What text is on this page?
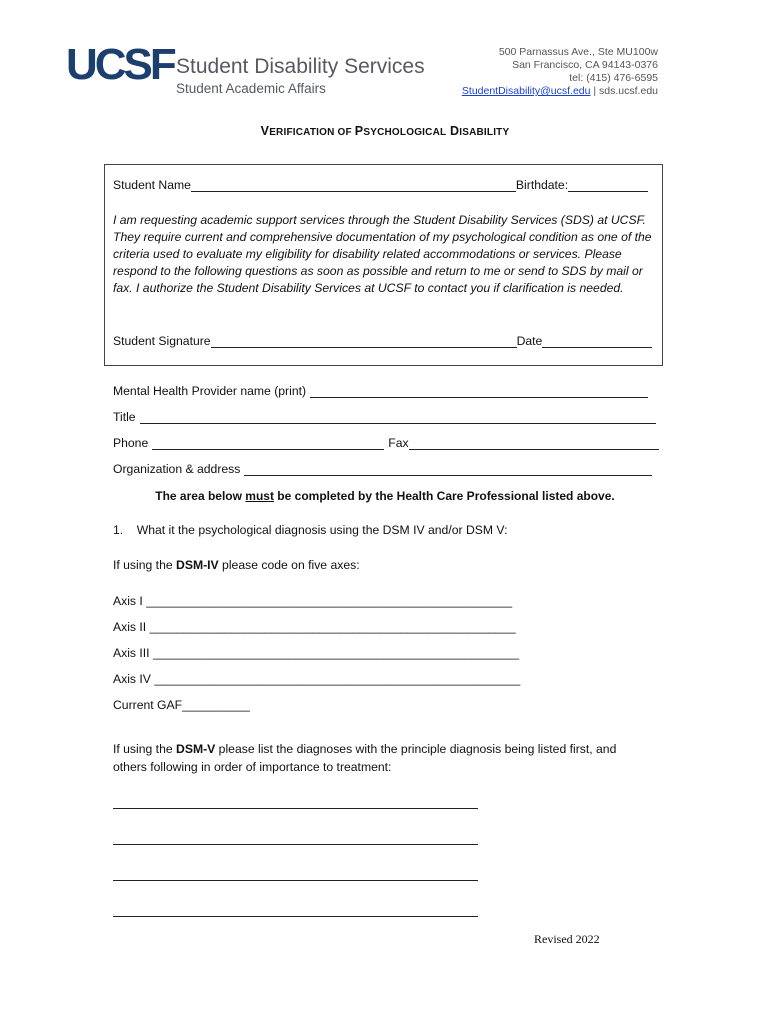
UCSF Student Disability Services
Student Academic Affairs
500 Parnassus Ave., Ste MU100w
San Francisco, CA 94143-0376
tel: (415) 476-6595
StudentDisability@ucsf.edu | sds.ucsf.edu
VERIFICATION OF PSYCHOLOGICAL DISABILITY
Student Name	Birthdate:
I am requesting academic support services through the Student Disability Services (SDS) at UCSF. They require current and comprehensive documentation of my psychological condition as one of the criteria used to evaluate my eligibility for disability related accommodations or services. Please respond to the following questions as soon as possible and return to me or send to SDS by mail or fax. I authorize the Student Disability Services at UCSF to contact you if clarification is needed.
Student Signature	Date
Mental Health Provider name (print)
Title
Phone	Fax
Organization & address
The area below must be completed by the Health Care Professional listed above.
1.    What it the psychological diagnosis using the DSM IV and/or DSM V:
If using the DSM-IV please code on five axes:
Axis I ______________________________________________________
Axis II ______________________________________________________
Axis III ______________________________________________________
Axis IV ______________________________________________________
Current GAF__________
If using the DSM-V please list the diagnoses with the principle diagnosis being listed first, and others following in order of importance to treatment:
Revised 2022
